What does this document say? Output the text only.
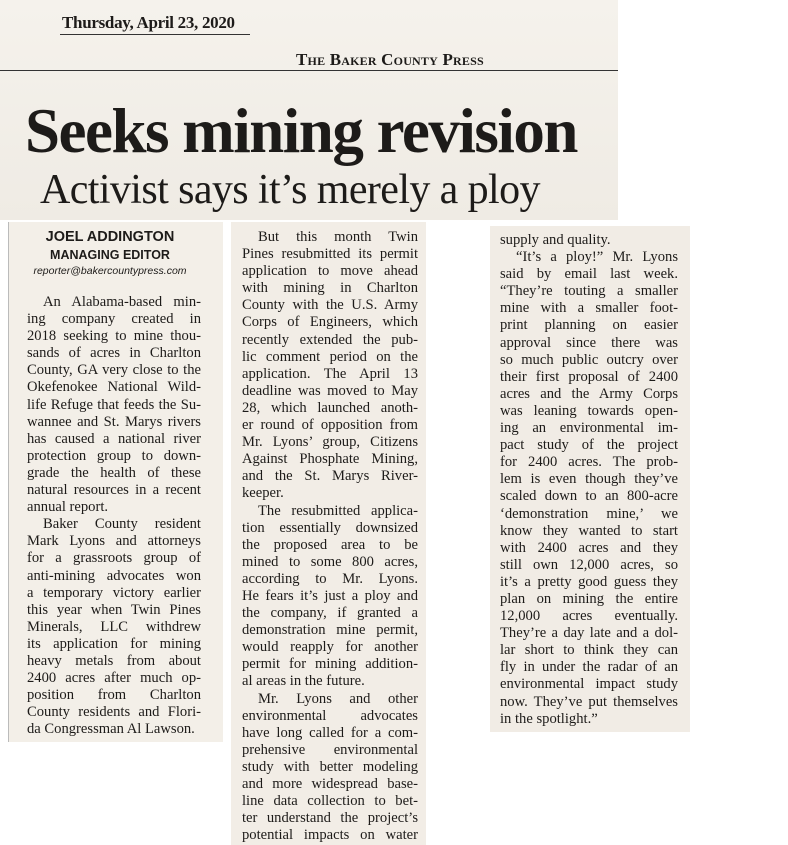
Thursday, April 23, 2020
The Baker County Press
Seeks mining revision
Activist says it’s merely a ploy
JOEL ADDINGTON
MANAGING EDITOR
reporter@bakercountypress.com
An Alabama-based min-
ing company created in
2018 seeking to mine thou-
sands of acres in Charlton
County, GA very close to the
Okefenokee National Wild-
life Refuge that feeds the Su-
wannee and St. Marys rivers
has caused a national river
protection group to down-
grade the health of these
natural resources in a recent
annual report.
Baker County resident
Mark Lyons and attorneys
for a grassroots group of
anti-mining advocates won
a temporary victory earlier
this year when Twin Pines
Minerals, LLC withdrew
its application for mining
heavy metals from about
2400 acres after much op-
position from Charlton
County residents and Flori-
da Congressman Al Lawson.
But this month Twin
Pines resubmitted its permit
application to move ahead
with mining in Charlton
County with the U.S. Army
Corps of Engineers, which
recently extended the pub-
lic comment period on the
application. The April 13
deadline was moved to May
28, which launched anoth-
er round of opposition from
Mr. Lyons’ group, Citizens
Against Phosphate Mining,
and the St. Marys River-
keeper.
The resubmitted applica-
tion essentially downsized
the proposed area to be
mined to some 800 acres,
according to Mr. Lyons.
He fears it’s just a ploy and
the company, if granted a
demonstration mine permit,
would reapply for another
permit for mining addition-
al areas in the future.
Mr. Lyons and other
environmental advocates
have long called for a com-
prehensive environmental
study with better modeling
and more widespread base-
line data collection to bet-
ter understand the project’s
potential impacts on water
supply and quality.
“It’s a ploy!” Mr. Lyons
said by email last week.
“They’re touting a smaller
mine with a smaller foot-
print planning on easier
approval since there was
so much public outcry over
their first proposal of 2400
acres and the Army Corps
was leaning towards open-
ing an environmental im-
pact study of the project
for 2400 acres. The prob-
lem is even though they’ve
scaled down to an 800-acre
‘demonstration mine,’ we
know they wanted to start
with 2400 acres and they
still own 12,000 acres, so
it’s a pretty good guess they
plan on mining the entire
12,000 acres eventually.
They’re a day late and a dol-
lar short to think they can
fly in under the radar of an
environmental impact study
now. They’ve put themselves
in the spotlight.”
